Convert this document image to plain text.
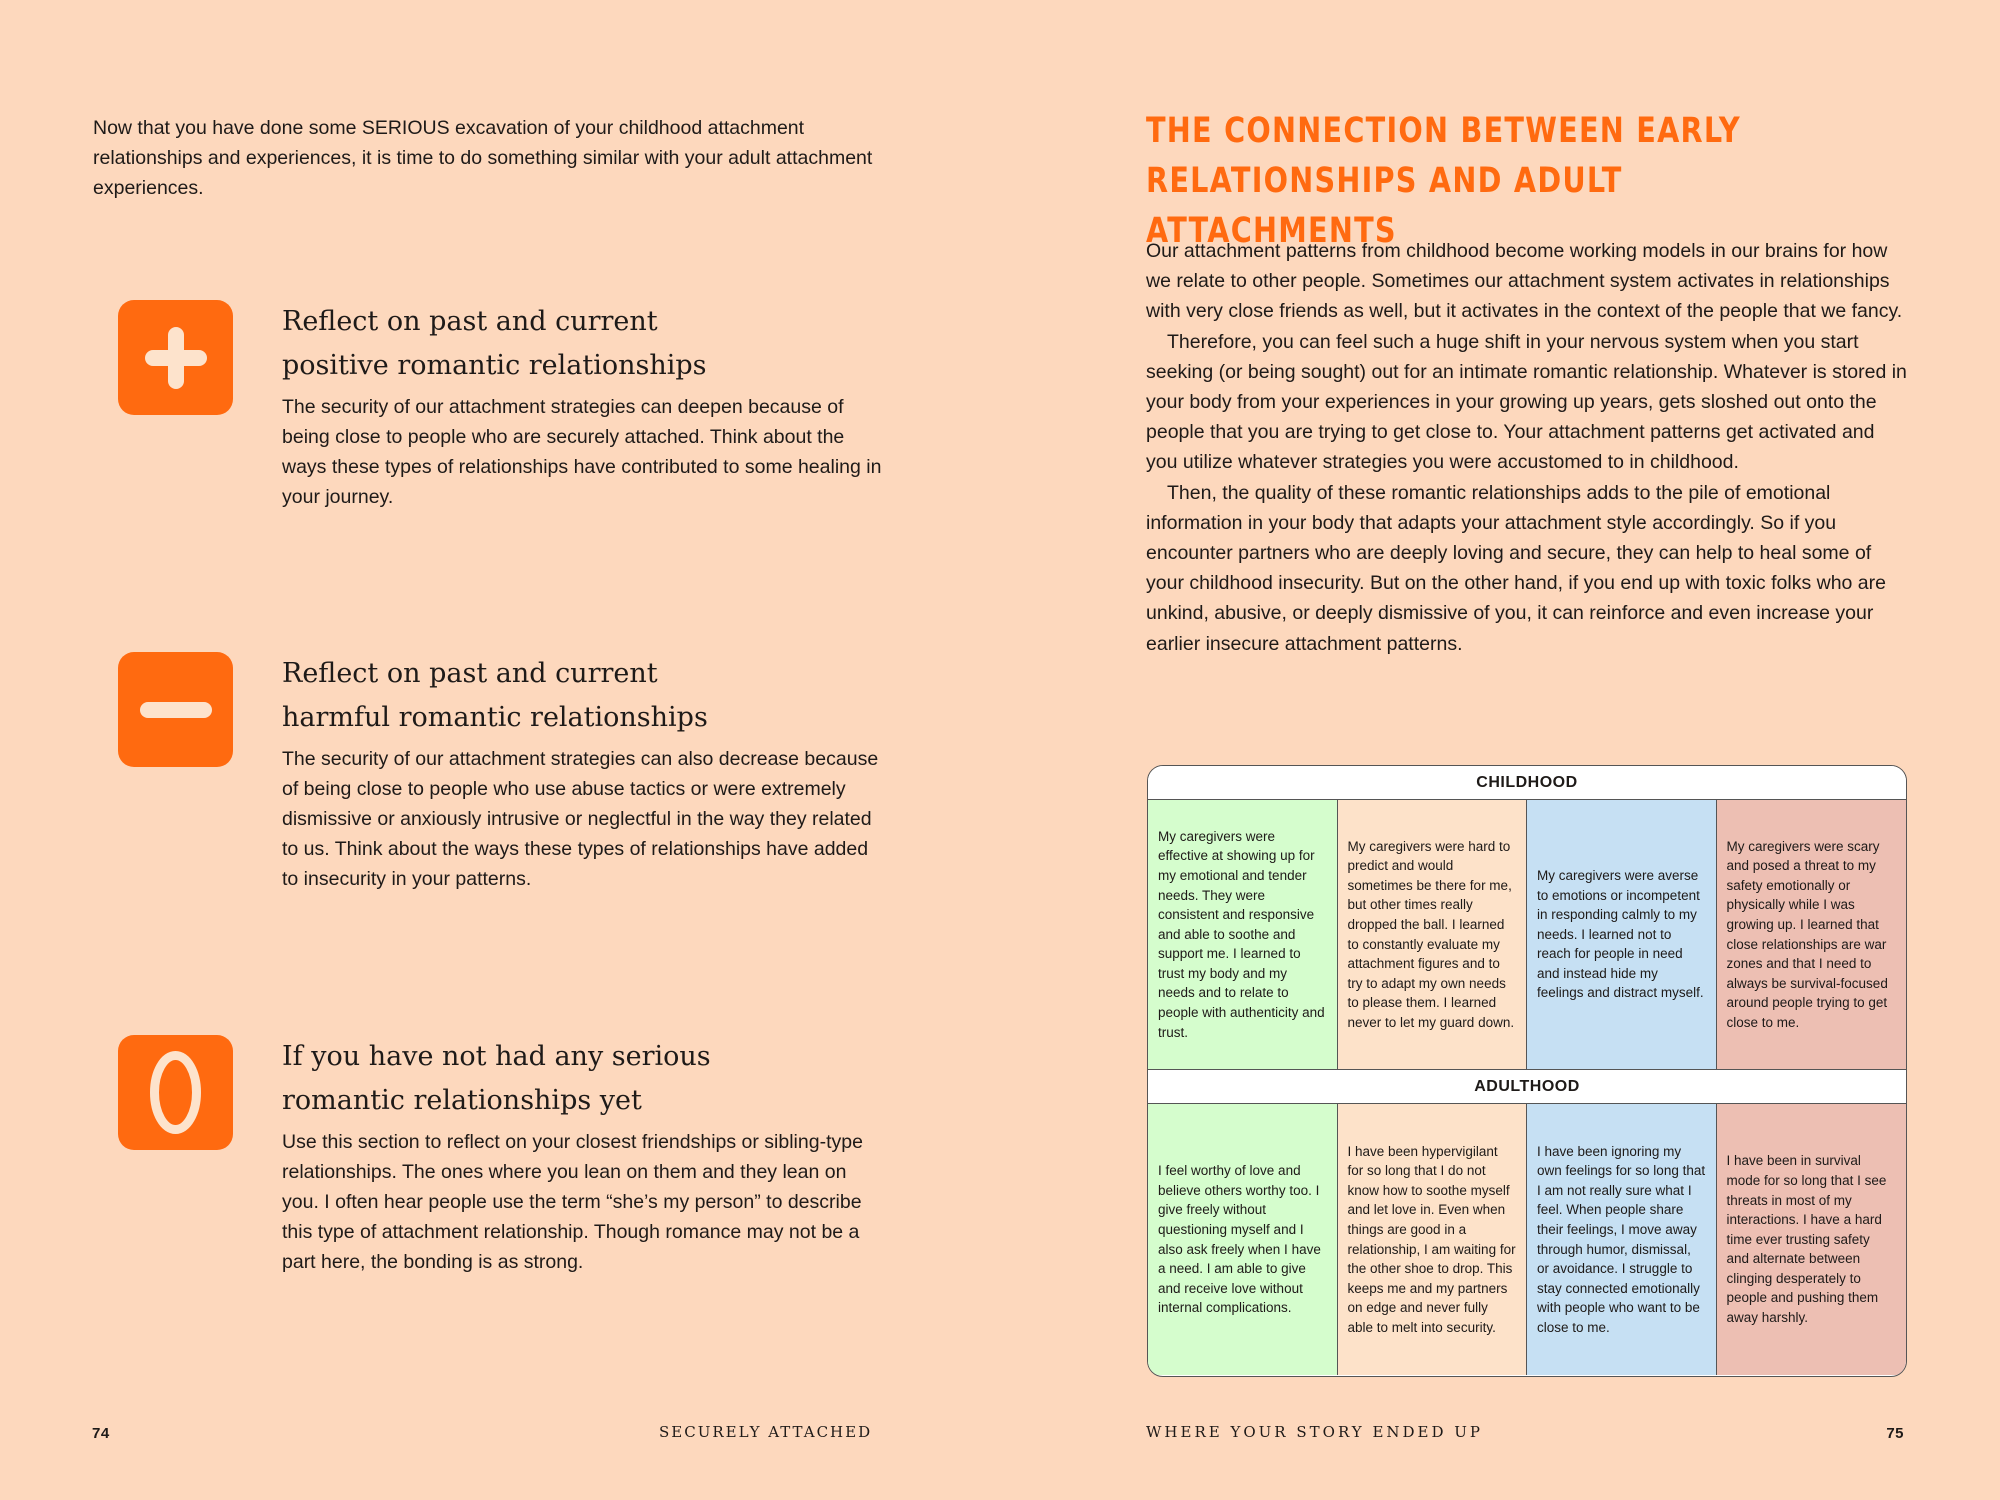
Now that you have done some SERIOUS excavation of your childhood attachment relationships and experiences, it is time to do something similar with your adult attachment experiences.

Reflect on past and current
positive romantic relationships

The security of our attachment strategies can deepen because of being close to people who are securely attached. Think about the ways these types of relationships have contributed to some healing in your journey.

Reflect on past and current
harmful romantic relationships

The security of our attachment strategies can also decrease because of being close to people who use abuse tactics or were extremely dismissive or anxiously intrusive or neglectful in the way they related to us. Think about the ways these types of relationships have added to insecurity in your patterns.

If you have not had any serious
romantic relationships yet

Use this section to reflect on your closest friendships or sibling-type relationships. The ones where you lean on them and they lean on you. I often hear people use the term “she’s my person” to describe this type of attachment relationship. Though romance may not be a part here, the bonding is as strong.

74	SECURELY ATTACHED
THE CONNECTION BETWEEN EARLY RELATIONSHIPS AND ADULT ATTACHMENTS

Our attachment patterns from childhood become working models in our brains for how we relate to other people. Sometimes our attachment system activates in relationships with very close friends as well, but it activates in the context of the people that we fancy.

Therefore, you can feel such a huge shift in your nervous system when you start seeking (or being sought) out for an intimate romantic relationship. Whatever is stored in your body from your experiences in your growing up years, gets sloshed out onto the people that you are trying to get close to. Your attachment patterns get activated and you utilize whatever strategies you were accustomed to in childhood.

Then, the quality of these romantic relationships adds to the pile of emotional information in your body that adapts your attachment style accordingly. So if you encounter partners who are deeply loving and secure, they can help to heal some of your childhood insecurity. But on the other hand, if you end up with toxic folks who are unkind, abusive, or deeply dismissive of you, it can reinforce and even increase your earlier insecure attachment patterns.

CHILDHOOD
My caregivers were effective at showing up for my emotional and tender needs. They were consistent and responsive and able to soothe and support me. I learned to trust my body and my needs and to relate to people with authenticity and trust.
My caregivers were hard to predict and would sometimes be there for me, but other times really dropped the ball. I learned to constantly evaluate my attachment figures and to try to adapt my own needs to please them. I learned never to let my guard down.
My caregivers were averse to emotions or incompetent in responding calmly to my needs. I learned not to reach for people in need and instead hide my feelings and distract myself.
My caregivers were scary and posed a threat to my safety emotionally or physically while I was growing up. I learned that close relationships are war zones and that I need to always be survival-focused around people trying to get close to me.
ADULTHOOD
I feel worthy of love and believe others worthy too. I give freely without questioning myself and I also ask freely when I have a need. I am able to give and receive love without internal complications.
I have been hypervigilant for so long that I do not know how to soothe myself and let love in. Even when things are good in a relationship, I am waiting for the other shoe to drop. This keeps me and my partners on edge and never fully able to melt into security.
I have been ignoring my own feelings for so long that I am not really sure what I feel. When people share their feelings, I move away through humor, dismissal, or avoidance. I struggle to stay connected emotionally with people who want to be close to me.
I have been in survival mode for so long that I see threats in most of my interactions. I have a hard time ever trusting safety and alternate between clinging desperately to people and pushing them away harshly.
WHERE YOUR STORY ENDED UP	75
